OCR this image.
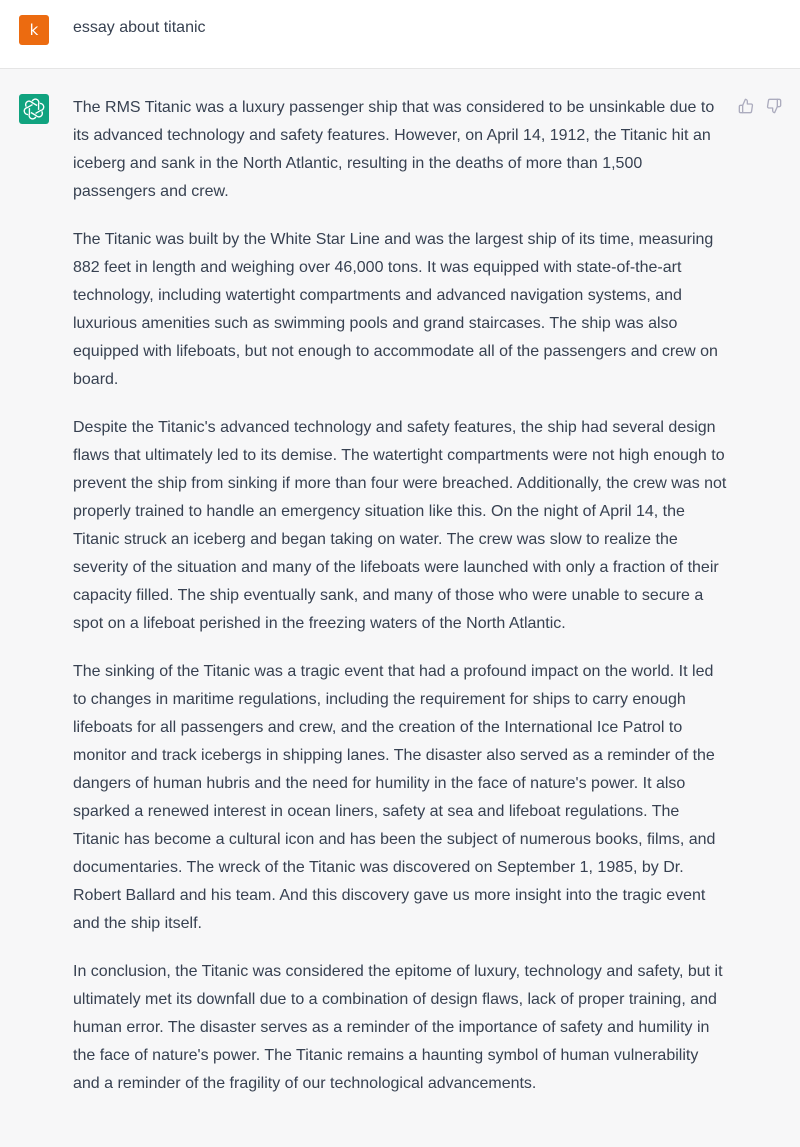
k essay about titanic

The RMS Titanic was a luxury passenger ship that was considered to be unsinkable due to its advanced technology and safety features. However, on April 14, 1912, the Titanic hit an iceberg and sank in the North Atlantic, resulting in the deaths of more than 1,500 passengers and crew.

The Titanic was built by the White Star Line and was the largest ship of its time, measuring 882 feet in length and weighing over 46,000 tons. It was equipped with state-of-the-art technology, including watertight compartments and advanced navigation systems, and luxurious amenities such as swimming pools and grand staircases. The ship was also equipped with lifeboats, but not enough to accommodate all of the passengers and crew on board.

Despite the Titanic's advanced technology and safety features, the ship had several design flaws that ultimately led to its demise. The watertight compartments were not high enough to prevent the ship from sinking if more than four were breached. Additionally, the crew was not properly trained to handle an emergency situation like this. On the night of April 14, the Titanic struck an iceberg and began taking on water. The crew was slow to realize the severity of the situation and many of the lifeboats were launched with only a fraction of their capacity filled. The ship eventually sank, and many of those who were unable to secure a spot on a lifeboat perished in the freezing waters of the North Atlantic.

The sinking of the Titanic was a tragic event that had a profound impact on the world. It led to changes in maritime regulations, including the requirement for ships to carry enough lifeboats for all passengers and crew, and the creation of the International Ice Patrol to monitor and track icebergs in shipping lanes. The disaster also served as a reminder of the dangers of human hubris and the need for humility in the face of nature's power. It also sparked a renewed interest in ocean liners, safety at sea and lifeboat regulations. The Titanic has become a cultural icon and has been the subject of numerous books, films, and documentaries. The wreck of the Titanic was discovered on September 1, 1985, by Dr. Robert Ballard and his team. And this discovery gave us more insight into the tragic event and the ship itself.

In conclusion, the Titanic was considered the epitome of luxury, technology and safety, but it ultimately met its downfall due to a combination of design flaws, lack of proper training, and human error. The disaster serves as a reminder of the importance of safety and humility in the face of nature's power. The Titanic remains a haunting symbol of human vulnerability and a reminder of the fragility of our technological advancements.
